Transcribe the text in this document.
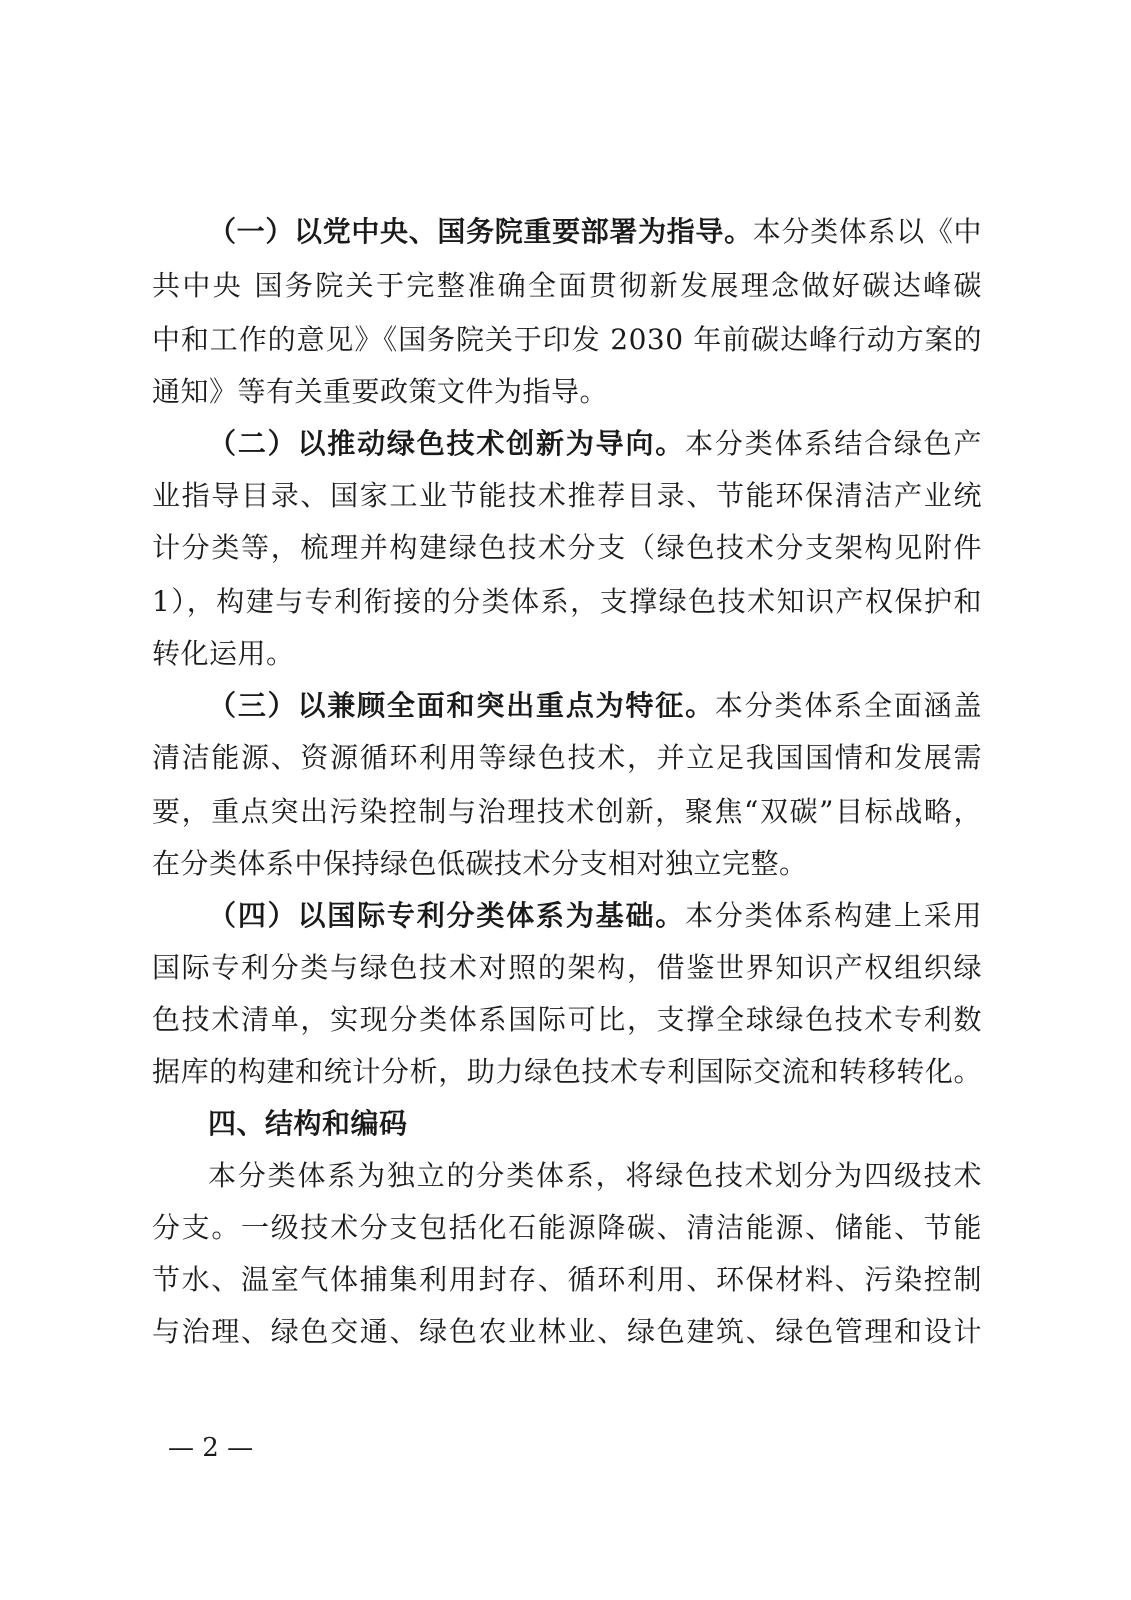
（一）以党中央、国务院重要部署为指导。本分类体系以《中
共中央 国务院关于完整准确全面贯彻新发展理念做好碳达峰碳
中和工作的意见》《国务院关于印发 2030 年前碳达峰行动方案的
通知》等有关重要政策文件为指导。
（二）以推动绿色技术创新为导向。本分类体系结合绿色产
业指导目录、国家工业节能技术推荐目录、节能环保清洁产业统
计分类等，梳理并构建绿色技术分支（绿色技术分支架构见附件
1），构建与专利衔接的分类体系，支撑绿色技术知识产权保护和
转化运用。
（三）以兼顾全面和突出重点为特征。本分类体系全面涵盖
清洁能源、资源循环利用等绿色技术，并立足我国国情和发展需
要，重点突出污染控制与治理技术创新，聚焦“双碳”目标战略，
在分类体系中保持绿色低碳技术分支相对独立完整。
（四）以国际专利分类体系为基础。本分类体系构建上采用
国际专利分类与绿色技术对照的架构，借鉴世界知识产权组织绿
色技术清单，实现分类体系国际可比，支撑全球绿色技术专利数
据库的构建和统计分析，助力绿色技术专利国际交流和转移转化。
四、结构和编码
本分类体系为独立的分类体系，将绿色技术划分为四级技术
分支。一级技术分支包括化石能源降碳、清洁能源、储能、节能
节水、温室气体捕集利用封存、循环利用、环保材料、污染控制
与治理、绿色交通、绿色农业林业、绿色建筑、绿色管理和设计
— 2 —
